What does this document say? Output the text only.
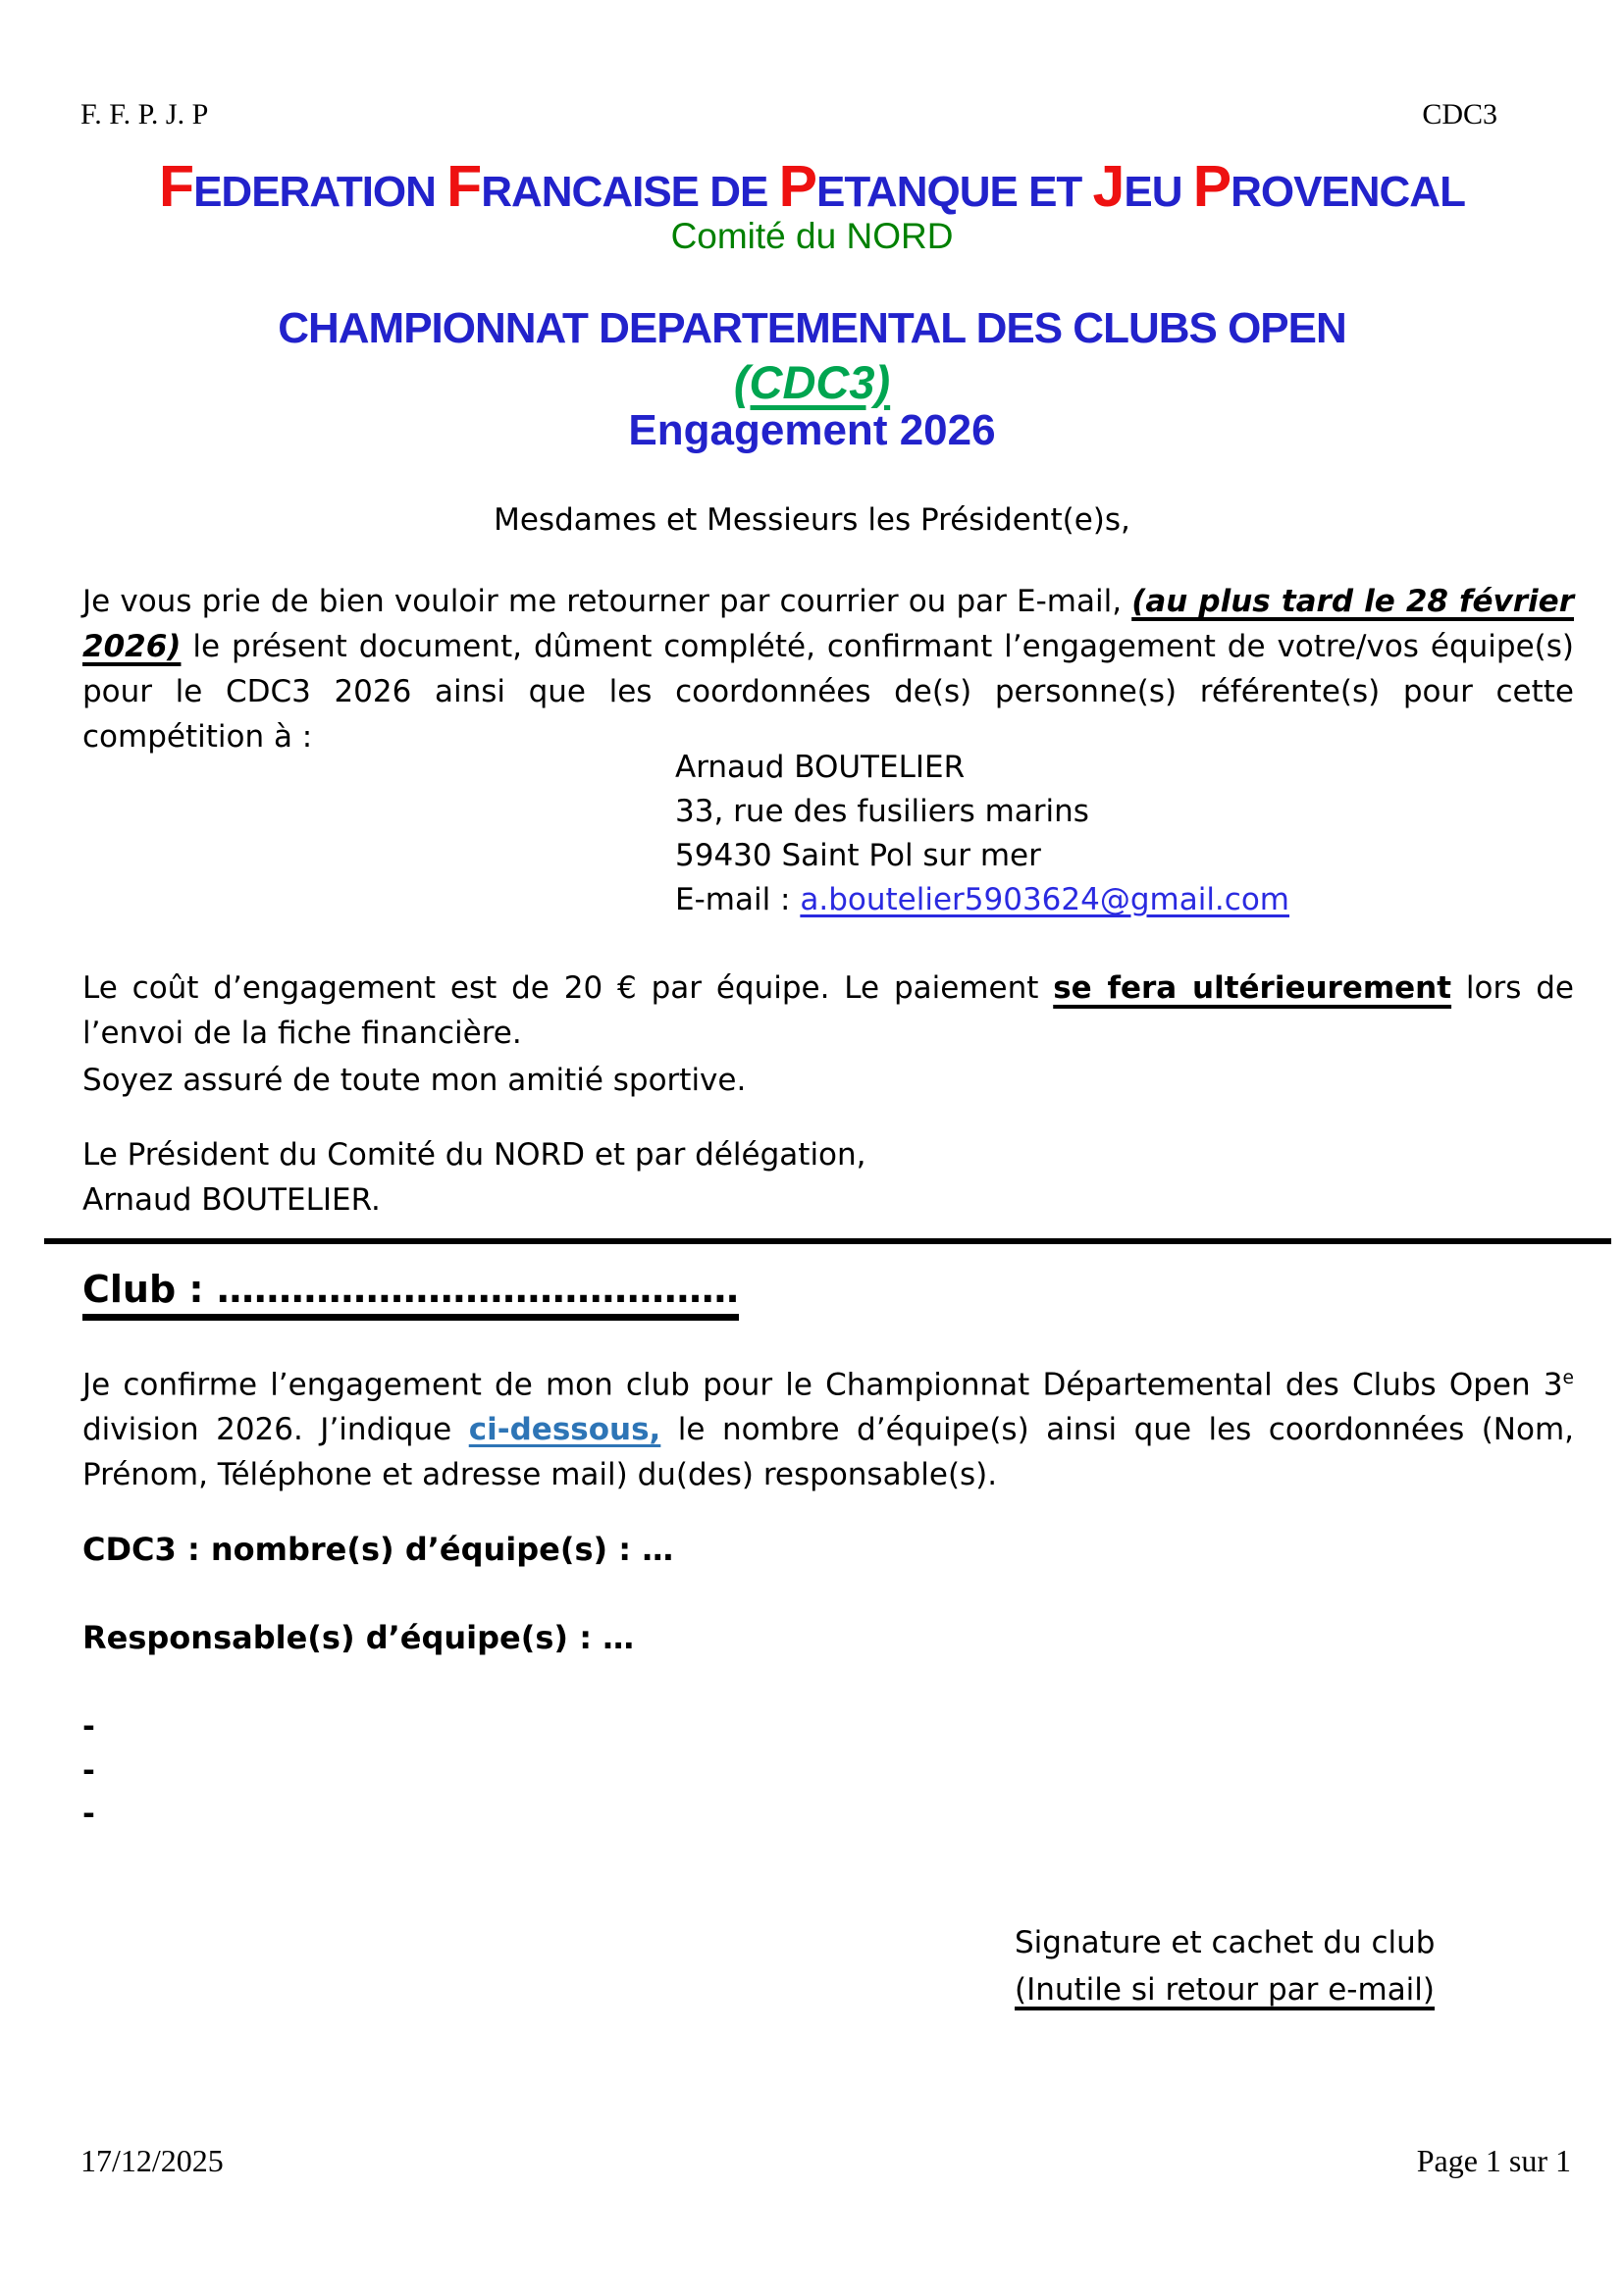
F. F. P. J. P	CDC3
FEDERATION FRANCAISE DE PETANQUE ET JEU PROVENCAL
Comité du NORD
CHAMPIONNAT DEPARTEMENTAL DES CLUBS OPEN
(CDC3)
Engagement 2026
Mesdames et Messieurs les Président(e)s,
Je vous prie de bien vouloir me retourner par courrier ou par E-mail, (au plus tard le 28 février 2026) le présent document, dûment complété, confirmant l’engagement de votre/vos équipe(s) pour le CDC3 2026 ainsi que les coordonnées de(s) personne(s) référente(s) pour cette compétition à :
Arnaud BOUTELIER
33, rue des fusiliers marins
59430 Saint Pol sur mer
E-mail : a.boutelier5903624@gmail.com
Le coût d’engagement est de 20 € par équipe. Le paiement se fera ultérieurement lors de l’envoi de la fiche financière.
Soyez assuré de toute mon amitié sportive.
Le Président du Comité du NORD et par délégation,
Arnaud BOUTELIER.
Club : ……………………………………
Je confirme l’engagement de mon club pour le Championnat Départemental des Clubs Open 3e division 2026. J’indique ci-dessous, le nombre d’équipe(s) ainsi que les coordonnées (Nom, Prénom, Téléphone et adresse mail) du(des) responsable(s).
CDC3 : nombre(s) d’équipe(s) : …
Responsable(s) d’équipe(s) : …
-
-
-
Signature et cachet du club
(Inutile si retour par e-mail)
17/12/2025	Page 1 sur 1
